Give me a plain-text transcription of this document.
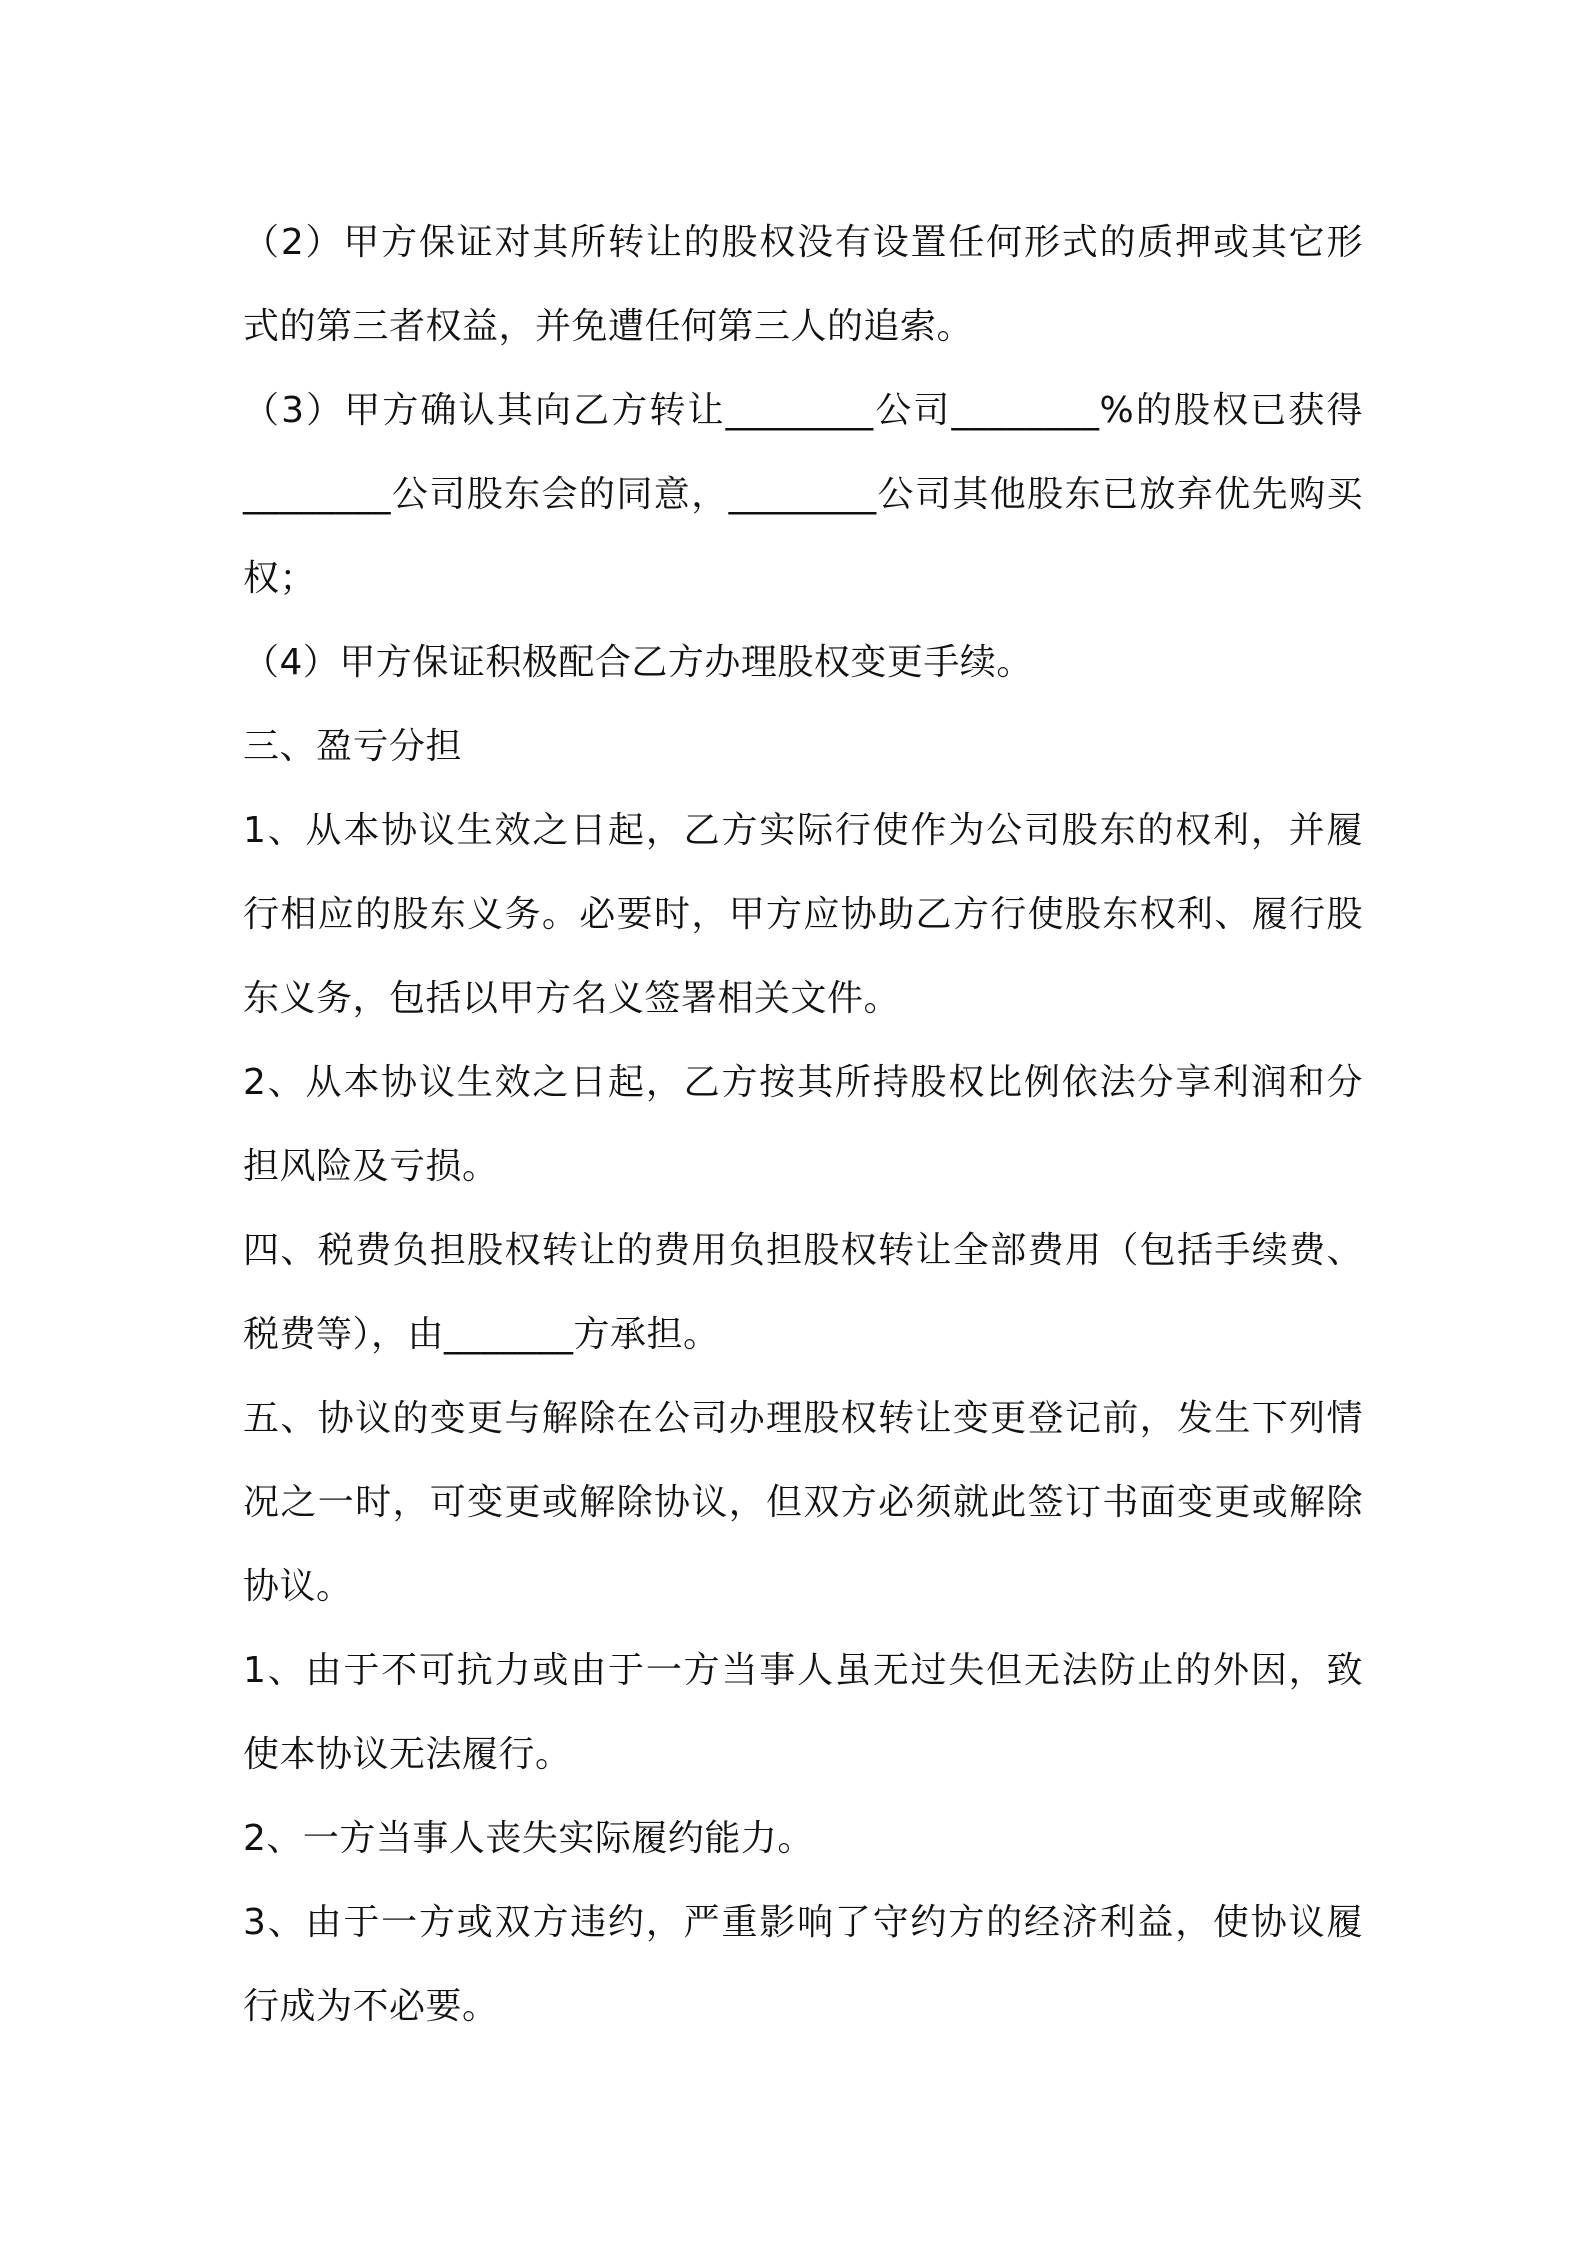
（2）甲方保证对其所转让的股权没有设置任何形式的质押或其它形
式的第三者权益，并免遭任何第三人的追索。
（3）甲方确认其向乙方转让________公司________%的股权已获得
________公司股东会的同意，________公司其他股东已放弃优先购买
权；
（4）甲方保证积极配合乙方办理股权变更手续。
三、盈亏分担
1、从本协议生效之日起，乙方实际行使作为公司股东的权利，并履
行相应的股东义务。必要时，甲方应协助乙方行使股东权利、履行股
东义务，包括以甲方名义签署相关文件。
2、从本协议生效之日起，乙方按其所持股权比例依法分享利润和分
担风险及亏损。
四、税费负担股权转让的费用负担股权转让全部费用（包括手续费、
税费等），由_______方承担。
五、协议的变更与解除在公司办理股权转让变更登记前，发生下列情
况之一时，可变更或解除协议，但双方必须就此签订书面变更或解除
协议。
1、由于不可抗力或由于一方当事人虽无过失但无法防止的外因，致
使本协议无法履行。
2、一方当事人丧失实际履约能力。
3、由于一方或双方违约，严重影响了守约方的经济利益，使协议履
行成为不必要。
